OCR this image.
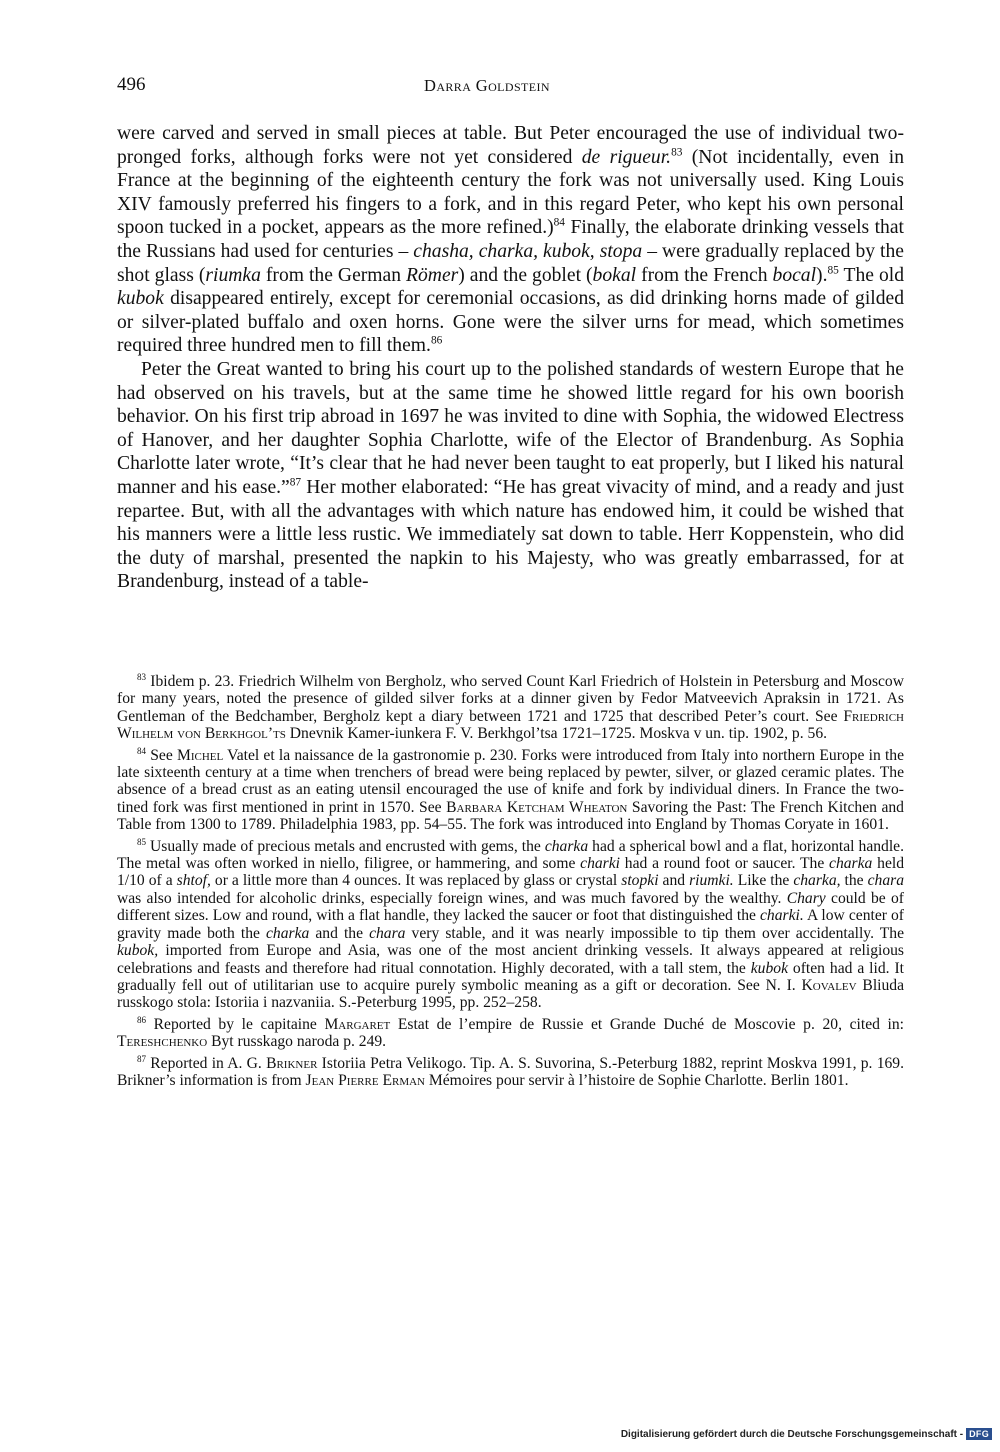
496	Darra Goldstein

were carved and served in small pieces at table. But Peter encouraged the use of individual two-pronged forks, although forks were not yet considered de rigueur.$^{83}$ (Not incidentally, even in France at the beginning of the eighteenth century the fork was not universally used. King Louis XIV famously preferred his fingers to a fork, and in this regard Peter, who kept his own personal spoon tucked in a pocket, appears as the more refined.)$^{84}$ Finally, the elaborate drinking vessels that the Russians had used for centuries – chasha, charka, kubok, stopa – were gradually replaced by the shot glass (riumka from the German Römer) and the goblet (bokal from the French bocal).$^{85}$ The old kubok disappeared entirely, except for ceremonial occasions, as did drinking horns made of gilded or silver-plated buffalo and oxen horns. Gone were the silver urns for mead, which sometimes required three hundred men to fill them.$^{86}$

Peter the Great wanted to bring his court up to the polished standards of western Europe that he had observed on his travels, but at the same time he showed little regard for his own boorish behavior. On his first trip abroad in 1697 he was invited to dine with Sophia, the widowed Electress of Hanover, and her daughter Sophia Charlotte, wife of the Elector of Brandenburg. As Sophia Charlotte later wrote, “It’s clear that he had never been taught to eat properly, but I liked his natural manner and his ease.”$^{87}$ Her mother elaborated: “He has great vivacity of mind, and a ready and just repartee. But, with all the advantages with which nature has endowed him, it could be wished that his manners were a little less rustic. We immediately sat down to table. Herr Koppenstein, who did the duty of marshal, presented the napkin to his Majesty, who was greatly embarrassed, for at Brandenburg, instead of a table-

$^{83}$ Ibidem p. 23. Friedrich Wilhelm von Bergholz, who served Count Karl Friedrich of Holstein in Petersburg and Moscow for many years, noted the presence of gilded silver forks at a dinner given by Fedor Matveevich Apraksin in 1721. As Gentleman of the Bedchamber, Bergholz kept a diary between 1721 and 1725 that described Peter’s court. See Friedrich Wilhelm von Berkhgol’ts Dnevnik Kamer-iunkera F. V. Berkhgol’tsa 1721–1725. Moskva v un. tip. 1902, p. 56.

$^{84}$ See Michel Vatel et la naissance de la gastronomie p. 230. Forks were introduced from Italy into northern Europe in the late sixteenth century at a time when trenchers of bread were being replaced by pewter, silver, or glazed ceramic plates. The absence of a bread crust as an eating utensil encouraged the use of knife and fork by individual diners. In France the two-tined fork was first mentioned in print in 1570. See Barbara Ketcham Wheaton Savoring the Past: The French Kitchen and Table from 1300 to 1789. Philadelphia 1983, pp. 54–55. The fork was introduced into England by Thomas Coryate in 1601.

$^{85}$ Usually made of precious metals and encrusted with gems, the charka had a spherical bowl and a flat, horizontal handle. The metal was often worked in niello, filigree, or hammering, and some charki had a round foot or saucer. The charka held 1/10 of a shtof, or a little more than 4 ounces. It was replaced by glass or crystal stopki and riumki. Like the charka, the chara was also intended for alcoholic drinks, especially foreign wines, and was much favored by the wealthy. Chary could be of different sizes. Low and round, with a flat handle, they lacked the saucer or foot that distinguished the charki. A low center of gravity made both the charka and the chara very stable, and it was nearly impossible to tip them over accidentally. The kubok, imported from Europe and Asia, was one of the most ancient drinking vessels. It always appeared at religious celebrations and feasts and therefore had ritual connotation. Highly decorated, with a tall stem, the kubok often had a lid. It gradually fell out of utilitarian use to acquire purely symbolic meaning as a gift or decoration. See N. I. Kovalev Bliuda russkogo stola: Istoriia i nazvaniia. S.-Peterburg 1995, pp. 252–258.

$^{86}$ Reported by le capitaine Margaret Estat de l’empire de Russie et Grande Duché de Moscovie p. 20, cited in: Tereshchenko Byt russkago naroda p. 249.

$^{87}$ Reported in A. G. Brikner Istoriia Petra Velikogo. Tip. A. S. Suvorina, S.-Peterburg 1882, reprint Moskva 1991, p. 169. Brikner’s information is from Jean Pierre Erman Mémoires pour servir à l’histoire de Sophie Charlotte. Berlin 1801.

Digitalisierung gefördert durch die Deutsche Forschungsgemeinschaft - DFG
